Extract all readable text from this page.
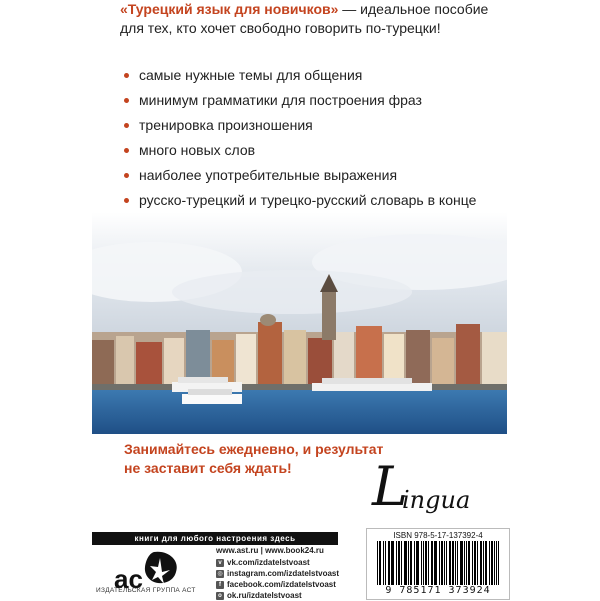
«Турецкий язык для новичков» — идеальное пособие для тех, кто хочет свободно говорить по-турецки!
самые нужные темы для общения
минимум грамматики для построения фраз
тренировка произношения
много новых слов
наиболее употребительные выражения
русско-турецкий и турецко-русский словарь в конце
Занимайтесь ежедневно, и результат
не заставит себя ждать!	L
ingua
книги для любого настроения здесь
ac
ИЗДАТЕЛЬСКАЯ ГРУППА АСТ
www.ast.ru | www.book24.ru
v vk.com/izdatelstvoast
◎ instagram.com/izdatelstvoast
f facebook.com/izdatelstvoast
o ok.ru/izdatelstvoast
ISBN 978-5-17-137392-4
9 785171 373924
